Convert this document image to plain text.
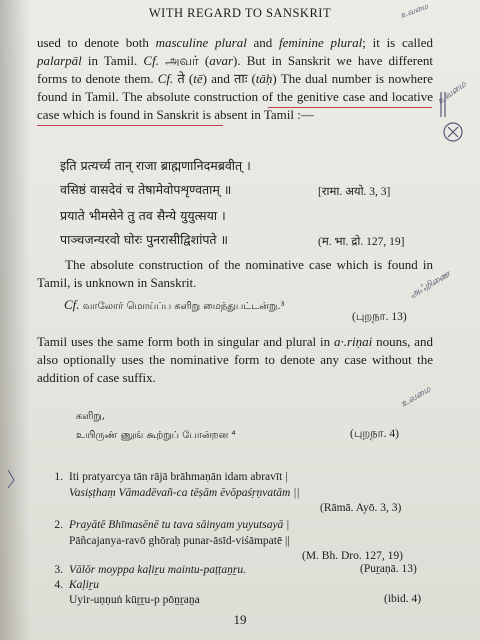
WITH REGARD TO SANSKRIT
used to denote both masculine plural and feminine plural; it is called palarpāl in Tamil. Cf. அவர் (avar). But in Sanskrit we have different forms to denote them. Cf. ते (tē) and ताः (tāḥ) The dual number is nowhere found in Tamil. The absolute construction of the genitive case and locative case which is found in Sanskrit is absent in Tamil :—
इति प्रत्यर्च्य तान् राजा ब्राह्मणानिदमब्रवीत् ।
वसिष्ठं वासदेवं च तेषामेवोपशृण्वताम् ॥	[रामा. अयो. 3, 3]
प्रयाते भीमसेने तु तव सैन्ये युयुत्सया ।
पाञ्चजन्यरवो घोरः पुनरासीद्विशांपते ॥	(म. भा. द्रो. 127, 19]
The absolute construction of the nominative case which is found in Tamil, is unknown in Sanskrit.
Cf. வாலோர் மொய்ப்ப களிறு மைந்துபட்டன்று.³
(புறநா. 13)
Tamil uses the same form both in singular and plural in a·.riṇai nouns, and also optionally uses the nominative form to denote any case without the addition of case suffix.
களிறு,
உயிருண் ணுங் கூற்றுப் போன்றன ⁴	(புறநா. 4)
1. Iti pratyarcya tān rājā brāhmaṇān idam abravīt |
Vasiṣṭhaṃ Vāmadēvañ-ca tēṣām ēvōpaśṛṇvatām ||
(Rāmā. Ayō. 3, 3)
2. Prayātē Bhīmasēnē tu tava sāinyam yuyutsayā |
Pāñcajanya-ravō ghōraḥ punar-āsīd-viśāmpatē ||
(M. Bh. Dro. 127, 19)
3. Vālōr moyppa kaḷiṟu maintu-paṭṭaṉṟu.	(Puṟaṇā. 13)
4. Kaḷiṟu
Uyir-uṇṇuṅ kūṟṟu-p pōṉṟaṉa	(ibid. 4)
19
உவமை
உவமை
அஃறிணை
உவமை
